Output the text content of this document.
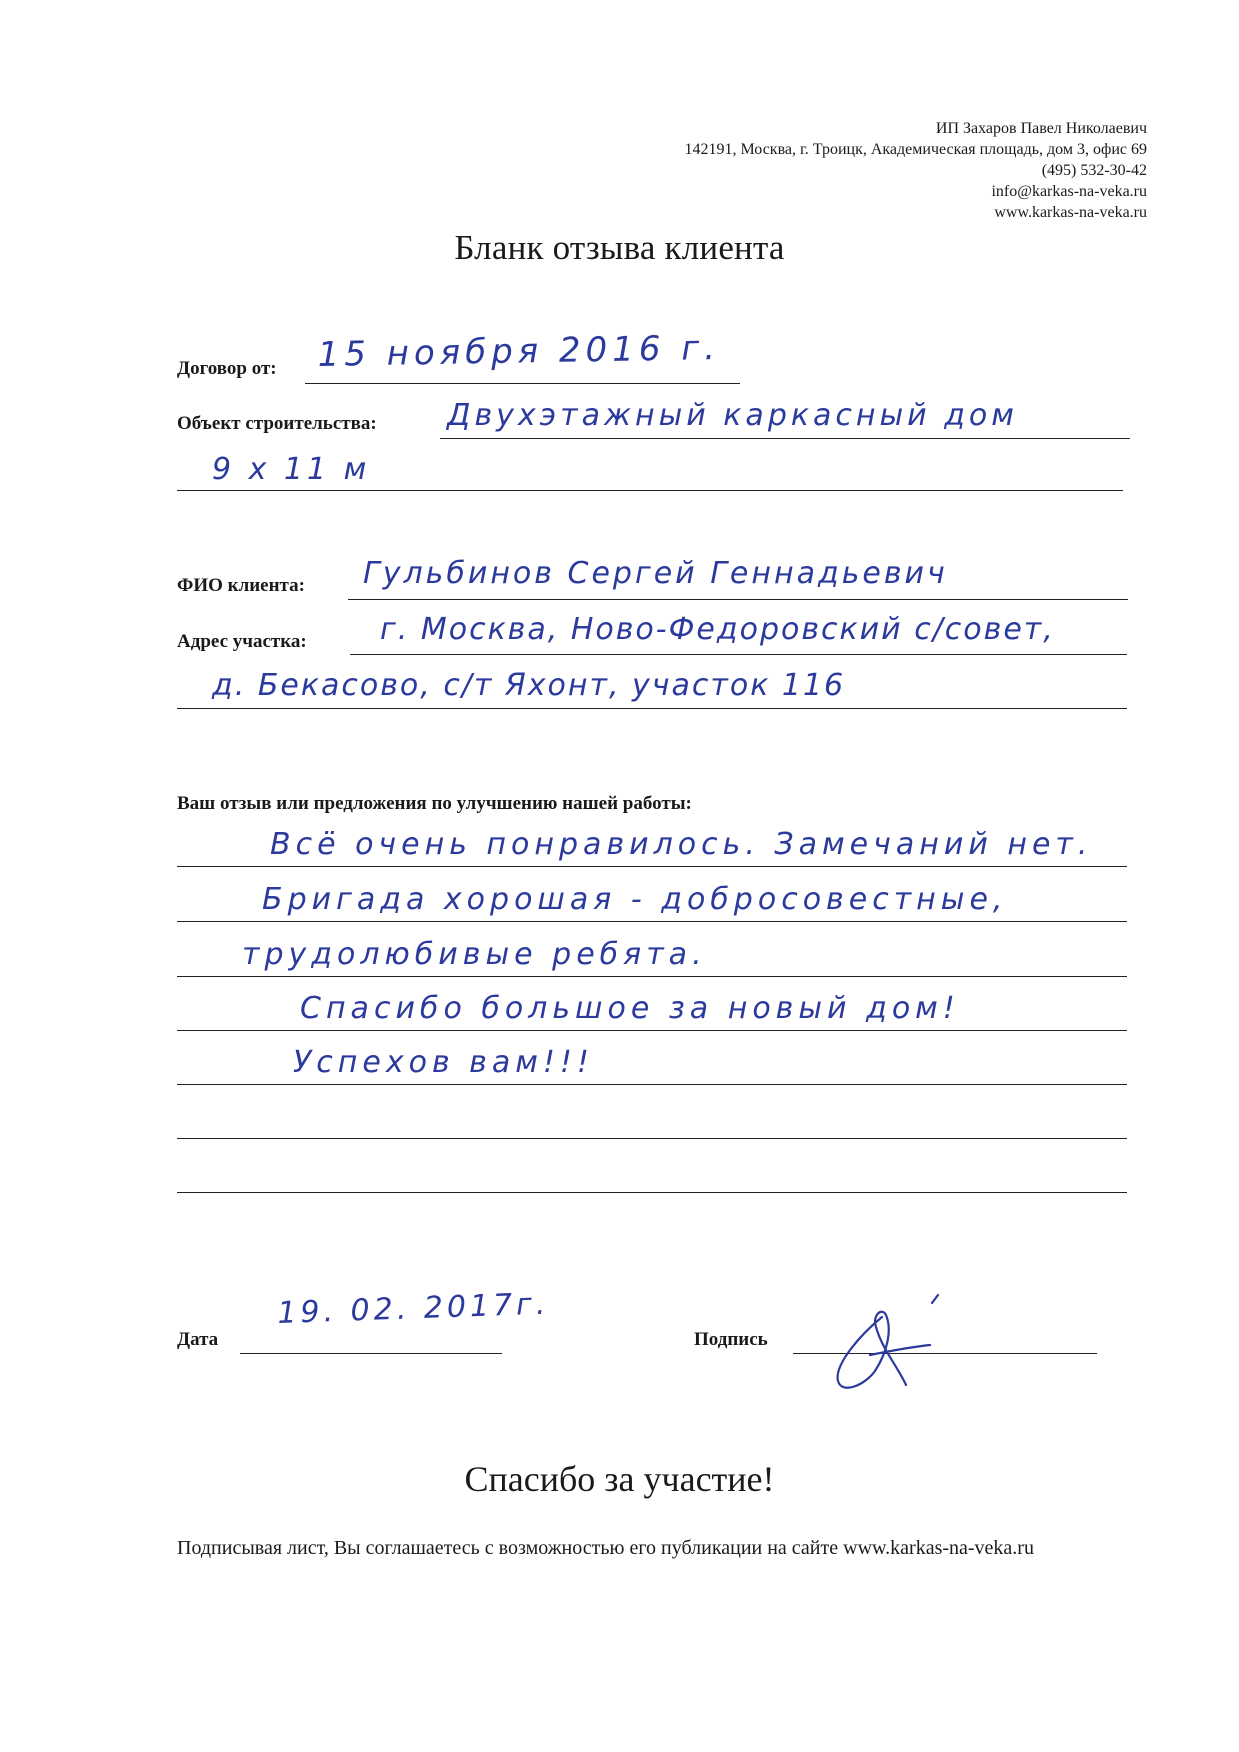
ИП Захаров Павел Николаевич
142191, Москва, г. Троицк, Академическая площадь, дом 3, офис 69
(495) 532-30-42
info@karkas-na-veka.ru
www.karkas-na-veka.ru
Бланк отзыва клиента
Договор от: 15 ноября 2016 г.
Объект строительства: Двухэтажный каркасный дом
9 x 11 м
ФИО клиента: Гульбинов Сергей Геннадьевич
Адрес участка: г. Москва, Ново-Федоровский с/совет,
д. Бекасово, с/т Яхонт, участок 116
Ваш отзыв или предложения по улучшению нашей работы:
Всё очень понравилось. Замечаний нет.
Бригада хорошая - добросовестные,
трудолюбивые ребята.
Спасибо большое за новый дом!
Успехов вам!!!
Дата
19. 02. 2017г.
Подпись
Спасибо за участие!
Подписывая лист, Вы соглашаетесь с возможностью его публикации на сайте www.karkas-na-veka.ru
